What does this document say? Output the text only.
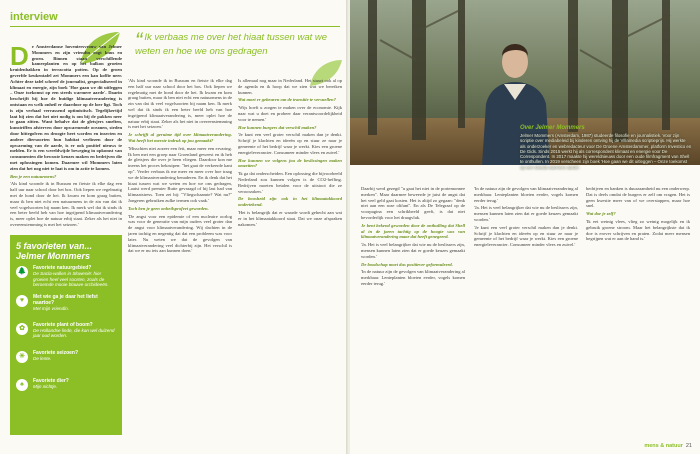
interview
“ Ik verbaas me over het hiaat tussen wat we weten en hoe we ons gedragen

De Amsterdamse hoveniersvrouw van Jelmer Mommers en zijn vriendin oogt knus en groen. Binnen staan verschillende kamerplanten en op het balkon groeien kruidenbakken in terracotta potten. Op de groen geverfde keukentafel zet Mommers een kan koffie neer. Achter deze tafel schreef de journalist, gespecialiseerd in klimaat en energie, zijn boek 'Hoe gaan we dit uitleggen – Onze toekomst op een steeds warmere aarde'. Daarin beschrijft hij hoe de huidige klimaatverandering is ontstaan en welk onheil er daardoor op de loer ligt. Toch is zijn verhaal verrassend optimistisch. Tegelijkertijd laat hij zien dat het niet nodig is om bij de pakken neer te gaan zitten. Want behalve dat de gletsjers smelten, kunstriffen afsterven door opwarmende oceanen, steden door hittegolven en droogte heet worden en insecten en andere diersoorten hun habitat verliezen door de opwarming van de aarde, is er ook positief nieuws te melden. Er is een wereldwijde beweging in opkomst van consumenten die bewuste keuzes maken en bedrijven die met oplossingen komen. Daarmee wil Mommers laten zien dat het nog niet te laat is om in actie te komen.

Ben je een natuurmens?

'Als kind woonde ik in Bussum en fietste ik elke dag een half uur naar school door het bos. Ook liepen we regelmatig met de hond door de hei. Ik kwam en kom graag buiten, maar ik ben niet echt een natuurmens in de zin van dat ik veel vogelsoorten bij naam ken. Ik merk wel dat ik sinds ik een beter beeld heb van hoe ingrijpend klimaatverandering is, meer oplet hoe de natuur erbij staat. Zeker als het niet in overeenstemming is met het seizoen.'

'Als kind woonde ik in Bussum en fietste ik elke dag een half uur naar school door het bos. Ook liepen we regelmatig met de hond door de hei. Ik kwam en kom graag buiten, maar ik ben niet echt een natuurmens in de zin van dat ik veel vogelsoorten bij naam ken. Ik merk wel dat ik sinds ik een beter beeld heb van hoe ingrijpend klimaatverandering is, meer oplet hoe de natuur erbij staat. Zeker als het niet in overeenstemming is met het seizoen.'

Je schrijft al geruime tijd over klimaatverandering. Wat heeft het meeste indruk op jou gemaakt?

'Misschien niet zozeer een feit, maar meer een ervaring. Ik ben met een groep naar Groenland geweest en ik heb de gletsjers die over je heen vliegen. Daardoor kon me ineens het proces bekruipen: "het gaat de verkeerde kant op". Verder verbaas ik me meer en meer over hoe traag we de klimaatverandering benaderen. En ik denk dat het hiaat tussen wat we weten en hoe we ons gedragen, Laatst werd premier Rutte gevraagd of hij last had van klimaatstress. Toen zei hij: "Vliegschaamte? Wat nu?" Jongeren gebruiken zulke termen ook vaak.'

Toch ben je geen onheilsprofeet geworden.

'De angst voor een epidemie of een nucleaire oorlog was voor de generatie van mijn ouders veel groter dan de angst voor klimaatverandering. Wij dachten in de jaren tachtig en negentig dat dat een probleem was voor later. Nu weten we dat de gevolgen van klimaatverandering veel dichterbij zijn. Het verschil is dat we er nu iets aan kunnen doen.'

Is allemaal nog maar in Nederland. Het stuurt ook al op de agenda en ik hoop dat we zien wat we bereiken kunnen.

Wat moet er gebeuren om de transitie te versnellen?

'Wijs hoeft u zorgen te maken over de economie. Kijk naar wat u doet en probeer daar verantwoordelijkheid voor te nemen.'

Hoe kunnen burgers dat verschil maken?

'Je kunt een veel groter verschil maken dan je denkt. Schrijf je klachten en ideeën op en stuur ze naar je gemeente of het bedrijf waar je werkt. Kies een groene energieleverancier. Consumeer minder vlees en zuivel.'

Hoe kunnen we volgens jou de beslissingen maken omzetten?

'Ik ga dat onderscheiden. Een oplossing die bijvoorbeeld Nederland zou kunnen volgen is de CO2-heffing. Bedrijven moeten betalen voor de uitstoot die ze veroorzaken.'

De boosheid zijn ook in het klimaatakkoord ondertekend.

'Het is belangrijk dat er waarde wordt gehecht aan wat er in het klimaatakkoord staat. Dat we onze afspraken nakomen.'

5 favorieten van... Jelmer Mommers
🌲	Favoriete natuurgebied?
De Sacla-wallen in Slowenië: hier groeien heel veel soorten, zoals de beroemde mooie blauwe orchideeën.
♥	Met wie ga je daar het liefst naartoe?
Met mijn vriendin.
✿	Favoriete plant of boom?
De Hollandse linde, die kan wel duizend jaar oud worden.
☀	Favoriete seizoen?
De lente.
♠	Favoriete dier?
Mijn nichtje.
Over Jelmer Mommers
Jelmer Mommers (Amsterdam, 1987) studeerde filosofie en journalistiek. Voor zijn scriptie over mediabeleid bij kinderen ontving hij de Villamedia scriptieprijs. Hij werkte als onderzoeker en webredacteur voor De Groene Amsterdammer, platform Investico en De Gids. Sinds 2015 werkt hij als correspondent klimaat en energie voor De Correspondent. In 2017 maakte hij wereldnieuws door een oude filmfragment van Shell te onthullen. In 2019 verscheen zijn boek 'Hoe gaan we dit uitleggen – Onze toekomst op een steeds warmere aarde'.

Daarbij werd gezegd "u gaat het niet in de portemonnee merken". Maar daarmee beweerde je juist de angst dat het veel geld gaat kosten. Het is altijd zo gegaan: "denk niet aan een roze olifant". En als De Telegraaf op de voorpagina een schrikbeeld geeft, is dat niet bevorderlijk voor het draagvlak.

Je bent bekend geworden door de onthulling dat Shell al in de jaren tachtig op de hoogte was van klimaatverandering maar dat heeft genegeerd.

'Ja. Het is veel belangrijker dat wie nu de beslissers zijn, mensen kunnen laten zien dat er goede keuzes gemaakt worden.'

De boodschap moet dus positiever geformuleerd.

'In de natuur zijn de gevolgen van klimaatverandering al merkbaar. Lenteplanten bloeien eerder, vogels komen eerder terug.'

'In de natuur zijn de gevolgen van klimaatverandering al merkbaar. Lenteplanten bloeien eerder, vogels komen eerder terug.'

'Ja. Het is veel belangrijker dat wie nu de beslissers zijn, mensen kunnen laten zien dat er goede keuzes gemaakt worden.'

'Je kunt een veel groter verschil maken dan je denkt. Schrijf je klachten en ideeën op en stuur ze naar je gemeente of het bedrijf waar je werkt. Kies een groene energieleverancier. Consumeer minder vlees en zuivel.'

bedrijven en banken is duurzaamheid nu een onderwerp. Dat is deels omdat de burgers er zelf om vragen. Het is geen kwestie meer van of we overstappen, maar hoe snel.

Wat doe je zelf?

'Ik eet weinig vlees, vlieg zo weinig mogelijk en ik gebruik groene stroom. Maar het belangrijkste dat ik doe is erover schrijven en praten. Zodat meer mensen begrijpen wat er aan de hand is.'

mens & natuur 21
